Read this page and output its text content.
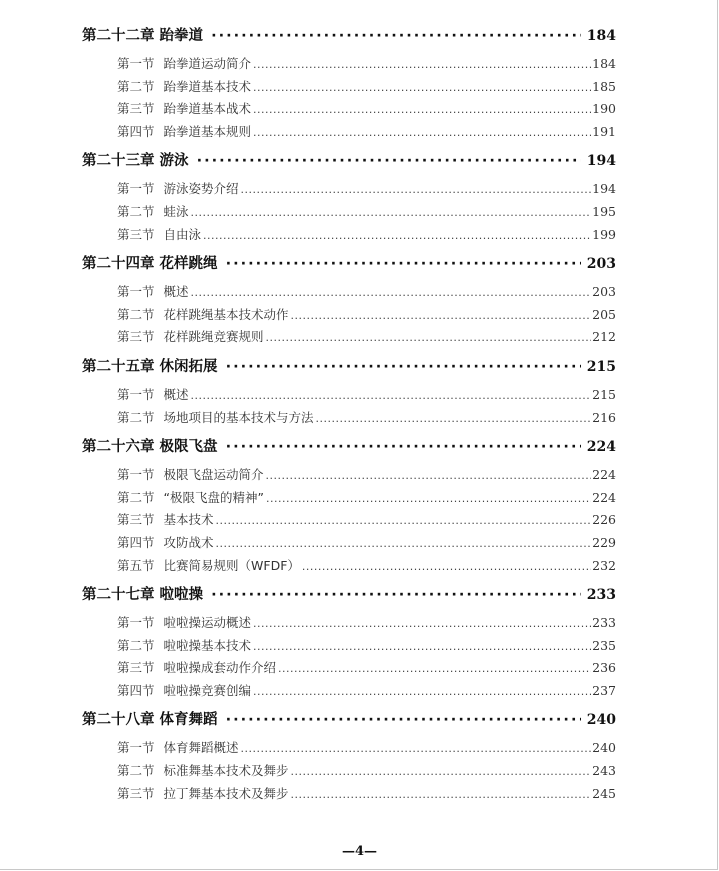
第二十二章 跆拳道 ·····	184
第一节 跆拳道运动简介 .....	184
第二节 跆拳道基本技术 .....	185
第三节 跆拳道基本战术 .....	190
第四节 跆拳道基本规则 .....	191
第二十三章 游泳 ·····	194
第一节 游泳姿势介绍 .....	194
第二节 蛙泳 .....	195
第三节 自由泳 .....	199
第二十四章 花样跳绳 ·····	203
第一节 概述 .....	203
第二节 花样跳绳基本技术动作 .....	205
第三节 花样跳绳竞赛规则 .....	212
第二十五章 休闲拓展 ·····	215
第一节 概述 .....	215
第二节 场地项目的基本技术与方法 .....	216
第二十六章 极限飞盘 ·····	224
第一节 极限飞盘运动简介 .....	224
第二节 “极限飞盘的精神” .....	224
第三节 基本技术 .....	226
第四节 攻防战术 .....	229
第五节 比赛简易规则（WFDF） .....	232
第二十七章 啦啦操 ·····	233
第一节 啦啦操运动概述 .....	233
第二节 啦啦操基本技术 .....	235
第三节 啦啦操成套动作介绍 .....	236
第四节 啦啦操竞赛创编 .....	237
第二十八章 体育舞蹈 ·····	240
第一节 体育舞蹈概述 .....	240
第二节 标准舞基本技术及舞步 .....	243
第三节 拉丁舞基本技术及舞步 .....	245
—4—
